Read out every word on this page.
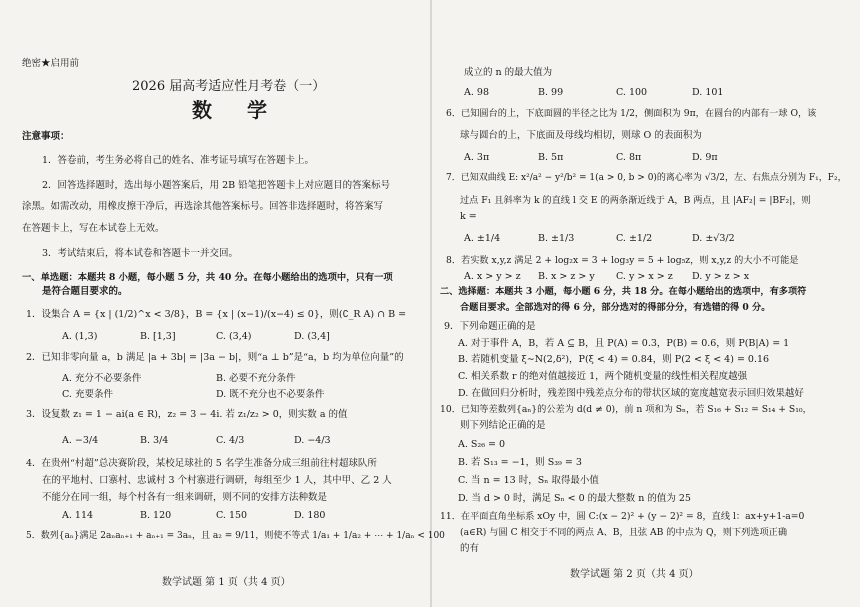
绝密★启用前
2026 届高考适应性月考卷（一）
数 学
注意事项：
1．答卷前，考生务必将自己的姓名、准考证号填写在答题卡上。
2．回答选择题时，选出每小题答案后，用 2B 铅笔把答题卡上对应题目的答案标号
涂黑。如需改动，用橡皮擦干净后，再选涂其他答案标号。回答非选择题时，将答案写
在答题卡上，写在本试卷上无效。
3．考试结束后，将本试卷和答题卡一并交回。
一、单选题：本题共 8 小题，每小题 5 分，共 40 分。在每小题给出的选项中，只有一项
是符合题目要求的。
1．设集合 A = {x | (1/2)^x < 3/8}，B = {x | (x−1)/(x−4) ≤ 0}，则(∁_R A) ∩ B =
A. (1,3)	B. [1,3]	C. (3,4)	D. (3,4]
2．已知非零向量 a，b 满足 |a + 3b| = |3a − b|，则“a ⊥ b”是“a，b 均为单位向量”的
A. 充分不必要条件	B. 必要不充分条件
C. 充要条件	D. 既不充分也不必要条件
3．设复数 z₁ = 1 − ai(a ∈ R)，z₂ = 3 − 4i. 若 z₁/z₂ > 0，则实数 a 的值
A. −3/4	B. 3/4	C. 4/3	D. −4/3
4．在贵州“村超”总决赛阶段，某校足球社的 5 名学生准备分成三组前往村超球队所
在的平地村、口寨村、忠诚村 3 个村寨进行调研，每组至少 1 人，其中甲、乙 2 人
不能分在同一组，每个村各有一组来调研，则不同的安排方法种数是
A. 114	B. 120	C. 150	D. 180
5．数列{aₙ}满足 2aₙaₙ₊₁ + aₙ₊₁ = 3aₙ，且 a₂ = 9/11，则使不等式 1/a₁ + 1/a₂ + ⋯ + 1/aₙ < 100
数学试题 第 1 页（共 4 页）
成立的 n 的最大值为
A. 98	B. 99	C. 100	D. 101
6．已知圆台的上，下底面圆的半径之比为 1/2，侧面积为 9π，在圆台的内部有一球 O，该
球与圆台的上，下底面及母线均相切，则球 O 的表面积为
A. 3π	B. 5π	C. 8π	D. 9π
7．已知双曲线 E: x²/a² − y²/b² = 1(a > 0, b > 0)的离心率为 √3/2，左、右焦点分别为 F₁，F₂，
过点 F₁ 且斜率为 k 的直线 l 交 E 的两条渐近线于 A，B 两点，且 |AF₂| = |BF₂|，则
k =
A. ±1/4	B. ±1/3	C. ±1/2	D. ±√3/2
8．若实数 x,y,z 满足 2 + log₂x = 3 + log₃y = 5 + log₅z，则 x,y,z 的大小不可能是
A. x > y > z B. x > z > y C. y > x > z D. y > z > x
二、选择题：本题共 3 小题，每小题 6 分，共 18 分。在每小题给出的选项中，有多项符
合题目要求。全部选对的得 6 分，部分选对的得部分分，有选错的得 0 分。
9．下列命题正确的是
A. 对于事件 A，B，若 A ⊆ B，且 P(A) = 0.3，P(B) = 0.6，则 P(B|A) = 1
B. 若随机变量 ξ∼N(2,δ²)，P(ξ < 4) = 0.84，则 P(2 < ξ < 4) = 0.16
C. 相关系数 r 的绝对值越接近 1，两个随机变量的线性相关程度越强
D. 在做回归分析时，残差图中残差点分布的带状区域的宽度越宽表示回归效果越好
10．已知等差数列{aₙ}的公差为 d(d ≠ 0)，前 n 项和为 Sₙ，若 S₁₆ + S₁₂ = S₁₄ + S₁₀，
则下列结论正确的是
A. S₂₆ = 0
B. 若 S₁₃ = −1，则 S₃₉ = 3
C. 当 n = 13 时，Sₙ 取得最小值
D. 当 d > 0 时，满足 Sₙ < 0 的最大整数 n 的值为 25
11．在平面直角坐标系 xOy 中，圆 C:(x − 2)² + (y − 2)² = 8，直线 l：ax+y+1-a=0
(a∈R) 与圆 C 相交于不同的两点 A、B，且弦 AB 的中点为 Q，则下列选项正确
的有
数学试题 第 2 页（共 4 页）
